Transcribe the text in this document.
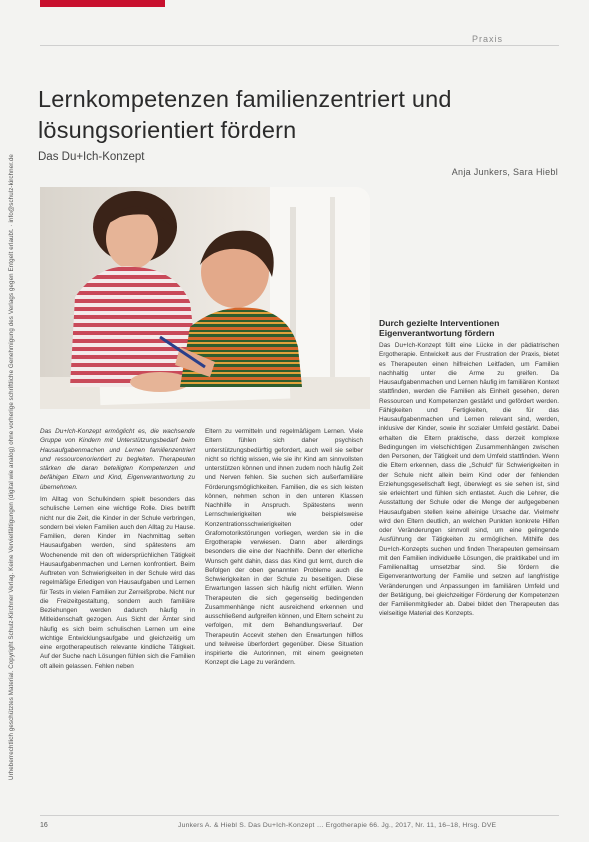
Praxis
Urheberrechtlich geschütztes Material. Copyright Schulz-Kirchner Verlag. Keine Vervielfältigungen (digital wie analog) ohne vorherige schriftliche Genehmigung des Verlags gegen Entgelt erlaubt. · info@schulz-kirchner.de
Lernkompetenzen familienzentriert und lösungsorientiert fördern
Das Du+Ich-Konzept
Anja Junkers, Sara Hiebl

Das Du+Ich-Konzept ermöglicht es, die wachsende Gruppe von Kindern mit Unterstützungsbedarf beim Hausaufgabenmachen und Lernen familienzentriert und ressourcenorientiert zu begleiten. Therapeuten stärken die daran beteiligten Kompetenzen und befähigen Eltern und Kind, Eigenverantwortung zu übernehmen.

Im Alltag von Schulkindern spielt besonders das schulische Lernen eine wichtige Rolle. Dies betrifft nicht nur die Zeit, die Kinder in der Schule verbringen, sondern bei vielen Familien auch den Alltag zu Hause. Familien, deren Kinder im Nachmittag selten Hausaufgaben werden, sind spätestens am Wochenende mit den oft widersprüchlichen Tätigkeit Hausaufgabenmachen und Lernen konfrontiert. Beim Auftreten von Schwierigkeiten in der Schule wird das regelmäßige Erledigen von Hausaufgaben und Lernen für Tests in vielen Familien zur Zerreißprobe. Nicht nur die Freizeitgestaltung, sondern auch familiäre Beziehungen werden dadurch häufig in Mitleidenschaft gezogen. Aus Sicht der Ämter sind häufig es sich beim schulischen Lernen um eine wichtige Entwicklungsaufgabe und gleichzeitig um eine ergotherapeutisch relevante kindliche Tätigkeit. Auf der Suche nach Lösungen fühlen sich die Familien oft allein gelassen. Fehlen neben

Eltern zu vermitteln und regelmäßigem Lernen. Viele Eltern fühlen sich daher psychisch unterstützungsbedürftig gefordert, auch weil sie selber nicht so richtig wissen, wie sie ihr Kind am sinnvollsten unterstützen können und ihnen zudem noch häufig Zeit und Nerven fehlen. Sie suchen sich außerfamiliäre Förderungsmöglichkeiten. Familien, die es sich leisten können, nehmen schon in den unteren Klassen Nachhilfe in Anspruch. Spätestens wenn Lernschwierigkeiten wie beispielsweise Konzentrationsschwierigkeiten oder Grafomotorikstörungen vorliegen, werden sie in die Ergotherapie verwiesen. Dann aber allerdings besonders die eine der Nachhilfe. Denn der elterliche Wunsch geht dahin, dass das Kind gut lernt, durch die Befolgen der oben genannten Probleme auch die Schwierigkeiten in der Schule zu beseitigen. Diese Erwartungen lassen sich häufig nicht erfüllen. Wenn Therapeuten die sich gegenseitig bedingenden Zusammenhänge nicht ausreichend erkennen und ausschließend aufgreifen können, und Eltern scheint zu verfolgen, mit dem Behandlungsverlauf. Der Therapeutin Accevit stehen den Erwartungen hilflos und teilweise überfordert gegenüber. Diese Situation inspirierte die Autorinnen, mit einem geeigneten Konzept die Lage zu verändern.

Durch gezielte Interventionen Eigenverantwortung fördern

Das Du+Ich-Konzept füllt eine Lücke in der pädiatrischen Ergotherapie. Entwickelt aus der Frustration der Praxis, bietet es Therapeuten einen hilfreichen Leitfaden, um Familien nachhaltig unter die Arme zu greifen. Da Hausaufgabenmachen und Lernen häufig im familiären Kontext stattfinden, werden die Familien als Einheit gesehen, deren Ressourcen und Kompetenzen gestärkt und gefördert werden. Fähigkeiten und Fertigkeiten, die für das Hausaufgabenmachen und Lernen relevant sind, werden, inklusive der Kinder, sowie ihr sozialer Umfeld gestärkt. Dabei erhalten die Eltern praktische, dass derzeit komplexe Bedingungen im vielschichtigen Zusammenhängen zwischen den Personen, der Tätigkeit und dem Umfeld stattfinden. Wenn die Eltern erkennen, dass die „Schuld“ für Schwierigkeiten in der Schule nicht allein beim Kind oder der fehlenden Erziehungsgesellschaft liegt, überwiegt es sie sehen ist, sind sie erleichtert und fühlen sich entlastet. Auch die Lehrer, die Ausstattung der Schule oder die Menge der aufgegebenen Hausaufgaben stellen keine alleinige Ursache dar. Vielmehr wird den Eltern deutlich, an welchen Punkten konkrete Hilfen oder Veränderungen sinnvoll sind, um eine gelingende Ausführung der Tätigkeiten zu ermöglichen. Mithilfe des Du+Ich-Konzepts suchen und finden Therapeuten gemeinsam mit den Familien individuelle Lösungen, die praktikabel und im Familienalltag umsetzbar sind. Sie fördern die Eigenverantwortung der Familie und setzen auf langfristige Veränderungen und Anpassungen im familiären Umfeld und der Betätigung, bei gleichzeitiger Förderung der Kompetenzen der Familienmitglieder ab. Dabei bildet den Therapeuten das vielseitige Material des Konzepts.

16	Junkers A. & Hiebl S. Das Du+Ich-Konzept … Ergotherapie 66. Jg., 2017, Nr. 11, 16–18, Hrsg. DVE
